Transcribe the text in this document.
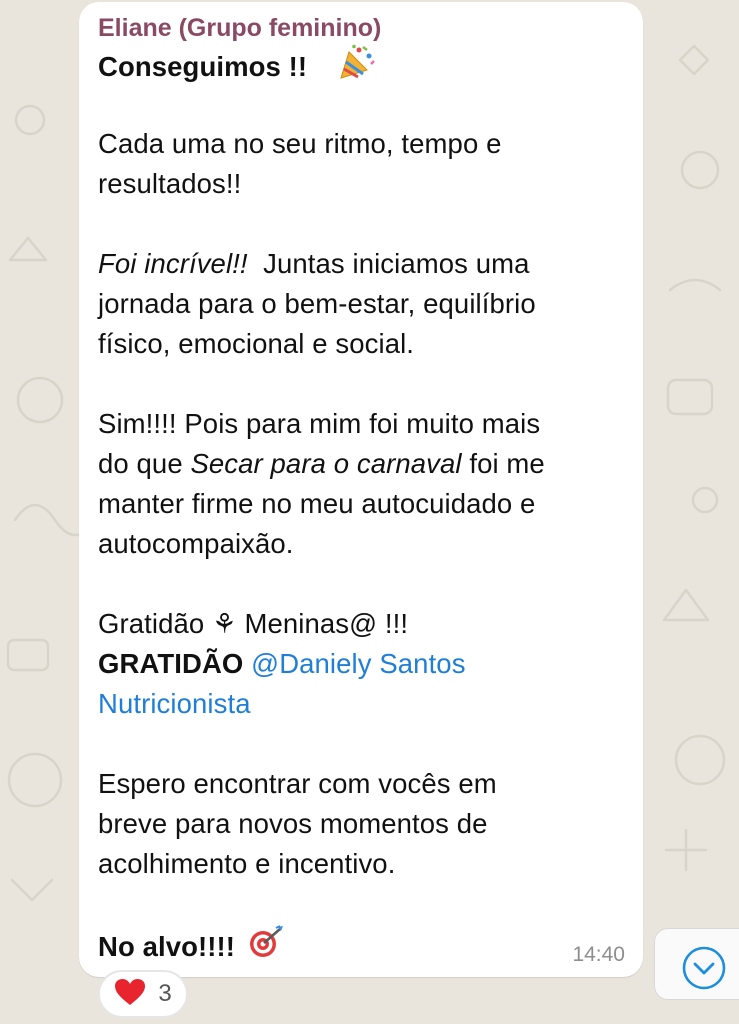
Eliane (Grupo feminino)
Conseguimos !!
Cada uma no seu ritmo, tempo e
resultados!!
Foi incrível!!  Juntas iniciamos uma
jornada para o bem-estar, equilíbrio
físico, emocional e social.
Sim!!!! Pois para mim foi muito mais
do que Secar para o carnaval foi me
manter firme no meu autocuidado e
autocompaixão.
Gratidão ⚘ Meninas@ !!!
GRATIDÃO @Daniely Santos
Nutricionista
Espero encontrar com vocês em
breve para novos momentos de
acolhimento e incentivo.
No alvo!!!!	14:40
3
